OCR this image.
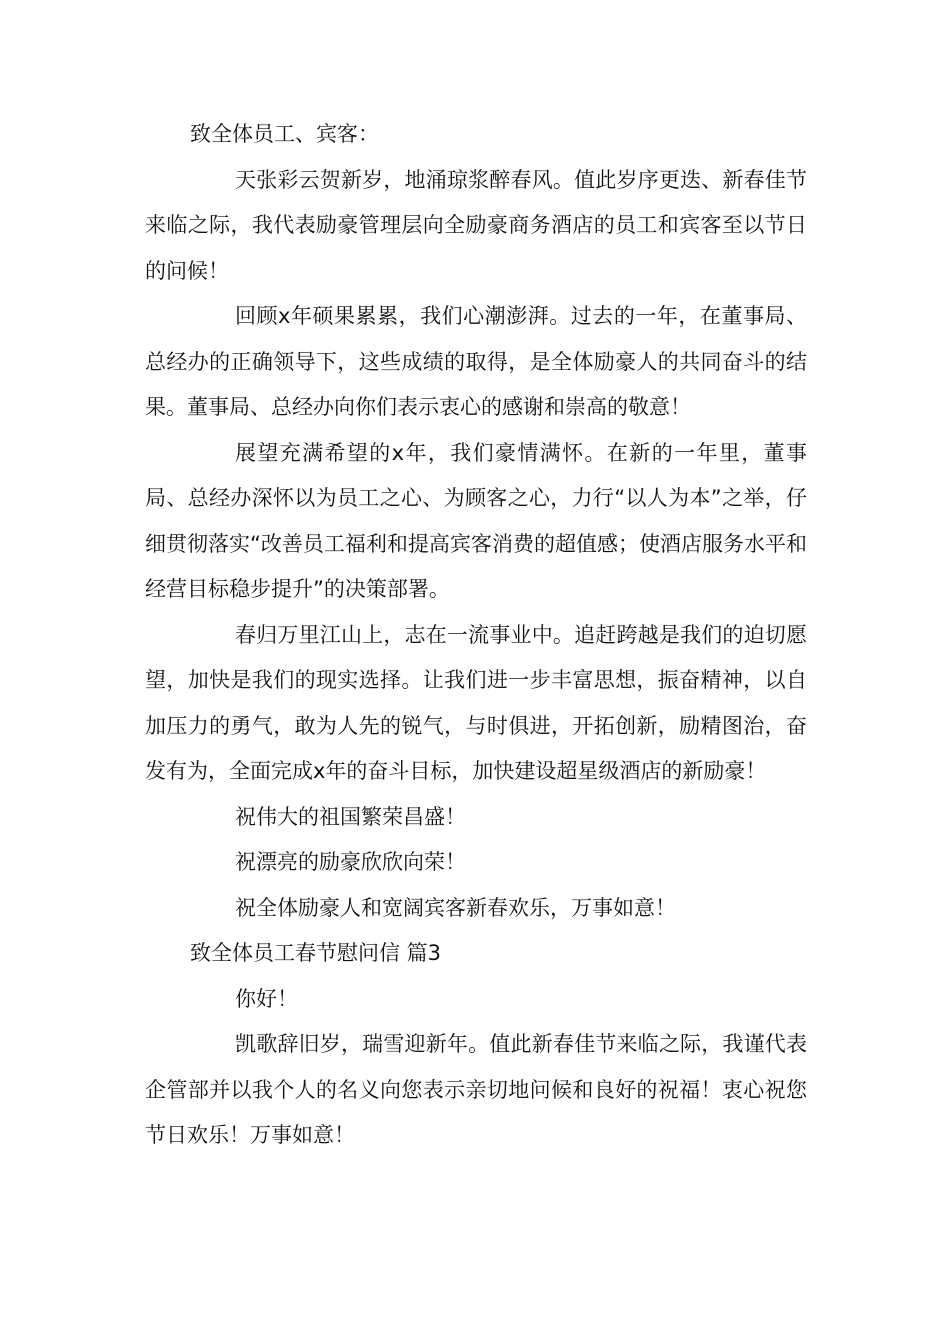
致全体员工、宾客：

天张彩云贺新岁，地涌琼浆醉春风。值此岁序更迭、新春佳节来临之际，我代表励豪管理层向全励豪商务酒店的员工和宾客至以节日的问候！

回顾x年硕果累累，我们心潮澎湃。过去的一年，在董事局、总经办的正确领导下，这些成绩的取得，是全体励豪人的共同奋斗的结果。董事局、总经办向你们表示衷心的感谢和崇高的敬意！

展望充满希望的x年，我们豪情满怀。在新的一年里，董事局、总经办深怀以为员工之心、为顾客之心，力行“以人为本”之举，仔细贯彻落实“改善员工福利和提高宾客消费的超值感；使酒店服务水平和经营目标稳步提升”的决策部署。

春归万里江山上，志在一流事业中。追赶跨越是我们的迫切愿望，加快是我们的现实选择。让我们进一步丰富思想，振奋精神，以自加压力的勇气，敢为人先的锐气，与时俱进，开拓创新，励精图治，奋发有为，全面完成x年的奋斗目标，加快建设超星级酒店的新励豪！

祝伟大的祖国繁荣昌盛！

祝漂亮的励豪欣欣向荣！

祝全体励豪人和宽阔宾客新春欢乐，万事如意！

致全体员工春节慰问信 篇3

你好！

凯歌辞旧岁，瑞雪迎新年。值此新春佳节来临之际，我谨代表企管部并以我个人的名义向您表示亲切地问候和良好的祝福！衷心祝您节日欢乐！万事如意！
